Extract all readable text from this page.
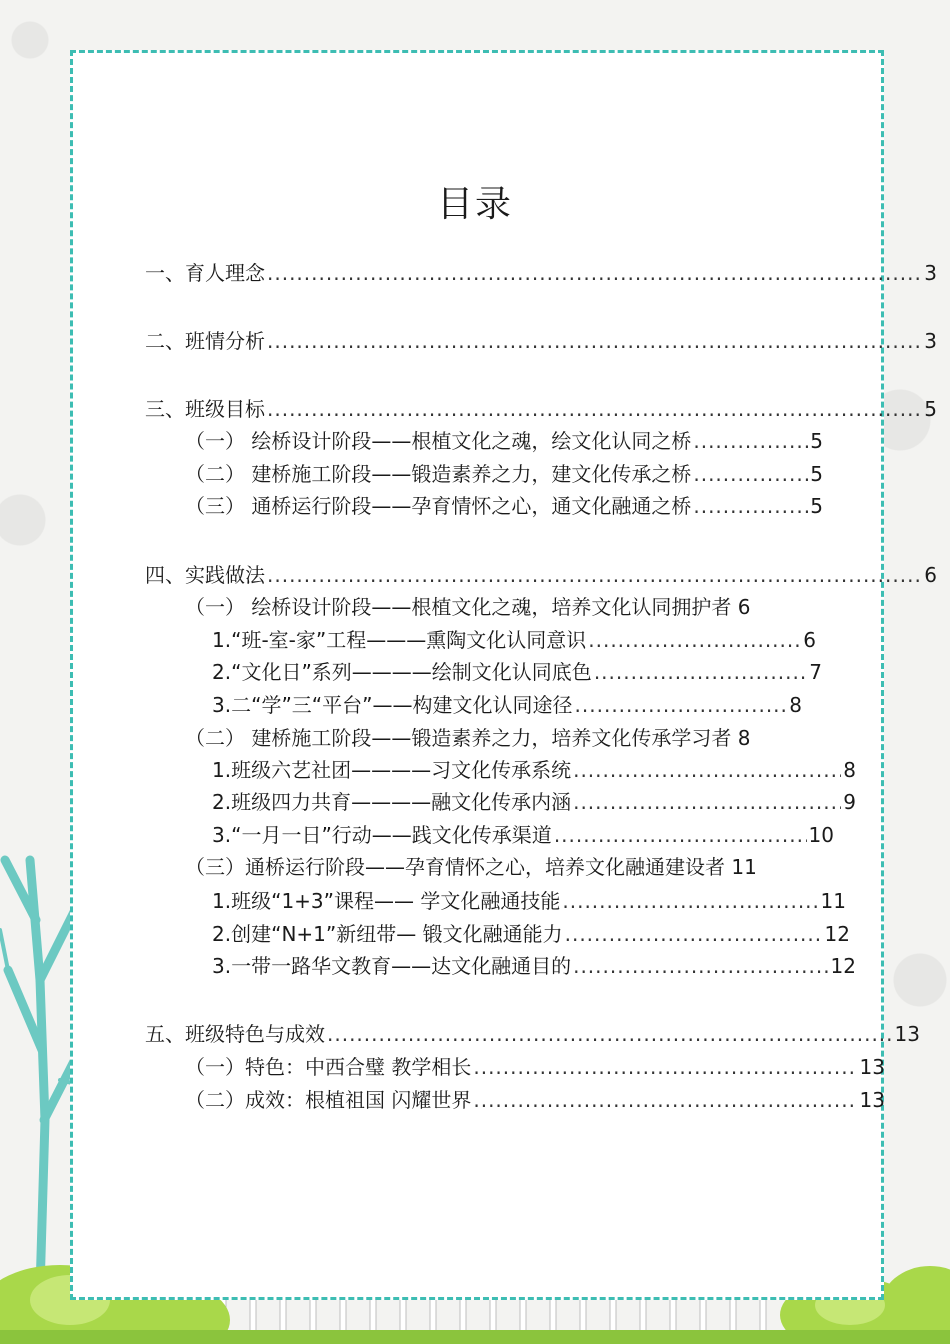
目录
一、育人理念 .....	3
二、班情分析 .....	3
三、班级目标 .....	5
（一） 绘桥设计阶段——根植文化之魂，绘文化认同之桥 .....	5
（二） 建桥施工阶段——锻造素养之力，建文化传承之桥 .....	5
（三） 通桥运行阶段——孕育情怀之心，通文化融通之桥 .....	5
四、实践做法 .....	6
（一） 绘桥设计阶段——根植文化之魂，培养文化认同拥护者 6
1.“班-室-家”工程———熏陶文化认同意识 .....	6
2.“文化日”系列————绘制文化认同底色 .....	7
3.二“学”三“平台”——构建文化认同途径 .....	8
（二） 建桥施工阶段——锻造素养之力，培养文化传承学习者 8
1.班级六艺社团————习文化传承系统 .....	8
2.班级四力共育————融文化传承内涵 .....	9
3.“一月一日”行动——践文化传承渠道 .....	10
（三）通桥运行阶段——孕育情怀之心，培养文化融通建设者 11
1.班级“1+3”课程—— 学文化融通技能 .....	11
2.创建“N+1”新纽带— 锻文化融通能力 .....	12
3.一带一路华文教育——达文化融通目的 .....	12
五、班级特色与成效 .....	13
（一）特色：中西合璧 教学相长 .....	13
（二）成效：根植祖国 闪耀世界 .....	13
